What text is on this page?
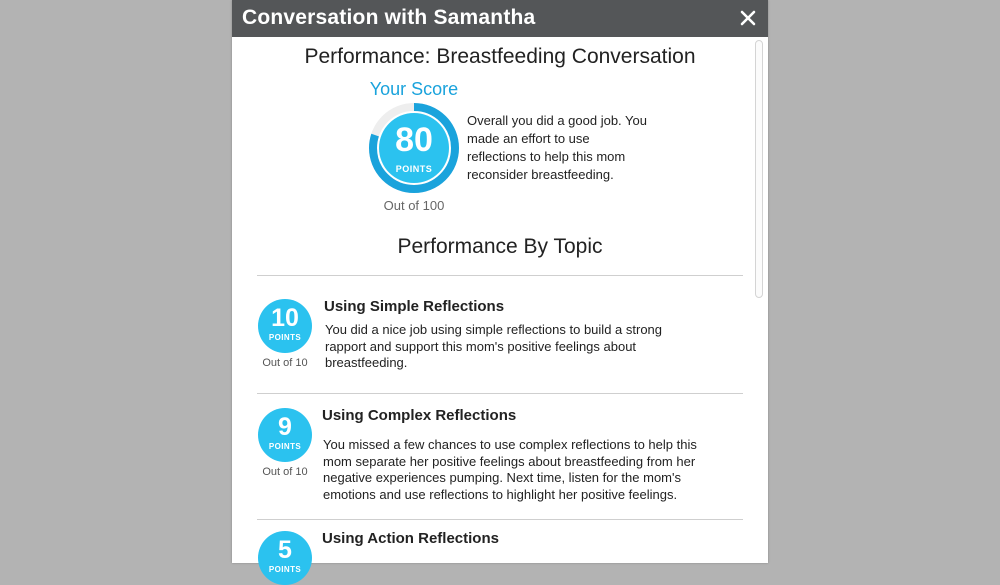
Conversation with Samantha
Performance: Breastfeeding Conversation
Your Score
80
POINTS
Out of 100
Overall you did a good job. You made an effort to use reflections to help this mom reconsider breastfeeding.
Performance By Topic
10
POINTS
Out of 10
Using Simple Reflections
You did a nice job using simple reflections to build a strong rapport and support this mom's positive feelings about breastfeeding.
9
POINTS
Out of 10
Using Complex Reflections
You missed a few chances to use complex reflections to help this mom separate her positive feelings about breastfeeding from her negative experiences pumping. Next time, listen for the mom's emotions and use reflections to highlight her positive feelings.
5
POINTS
Using Action Reflections
